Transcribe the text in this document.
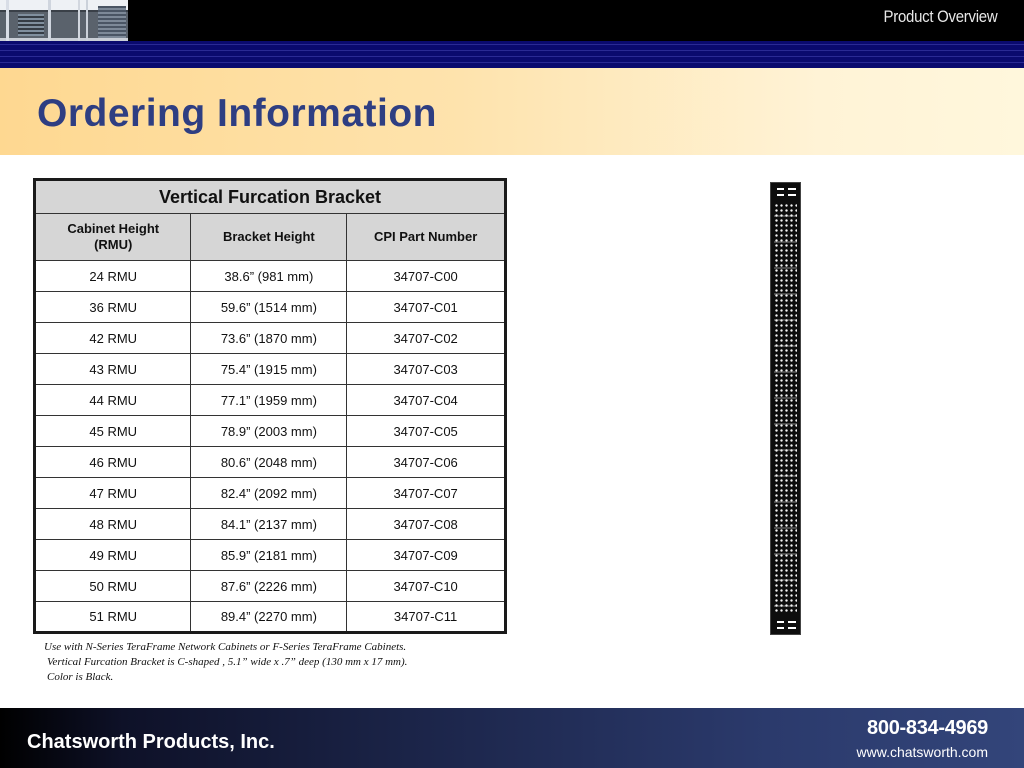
Product Overview
Ordering Information
Vertical Furcation Bracket		
Cabinet Height (RMU)	Bracket Height	CPI Part Number
24 RMU	38.6” (981 mm)	34707-C00
36 RMU	59.6” (1514 mm)	34707-C01
42 RMU	73.6” (1870 mm)	34707-C02
43 RMU	75.4” (1915 mm)	34707-C03
44 RMU	77.1” (1959 mm)	34707-C04
45 RMU	78.9” (2003 mm)	34707-C05
46 RMU	80.6” (2048 mm)	34707-C06
47 RMU	82.4” (2092 mm)	34707-C07
48 RMU	84.1” (2137 mm)	34707-C08
49 RMU	85.9” (2181 mm)	34707-C09
50 RMU	87.6” (2226 mm)	34707-C10
51 RMU	89.4” (2270 mm)	34707-C11
Use with N-Series TeraFrame Network Cabinets or F-Series TeraFrame Cabinets.
Vertical Furcation Bracket is C-shaped , 5.1” wide x .7” deep (130 mm x 17 mm).
Color is Black.
Chatsworth Products, Inc.
800-834-4969
www.chatsworth.com
